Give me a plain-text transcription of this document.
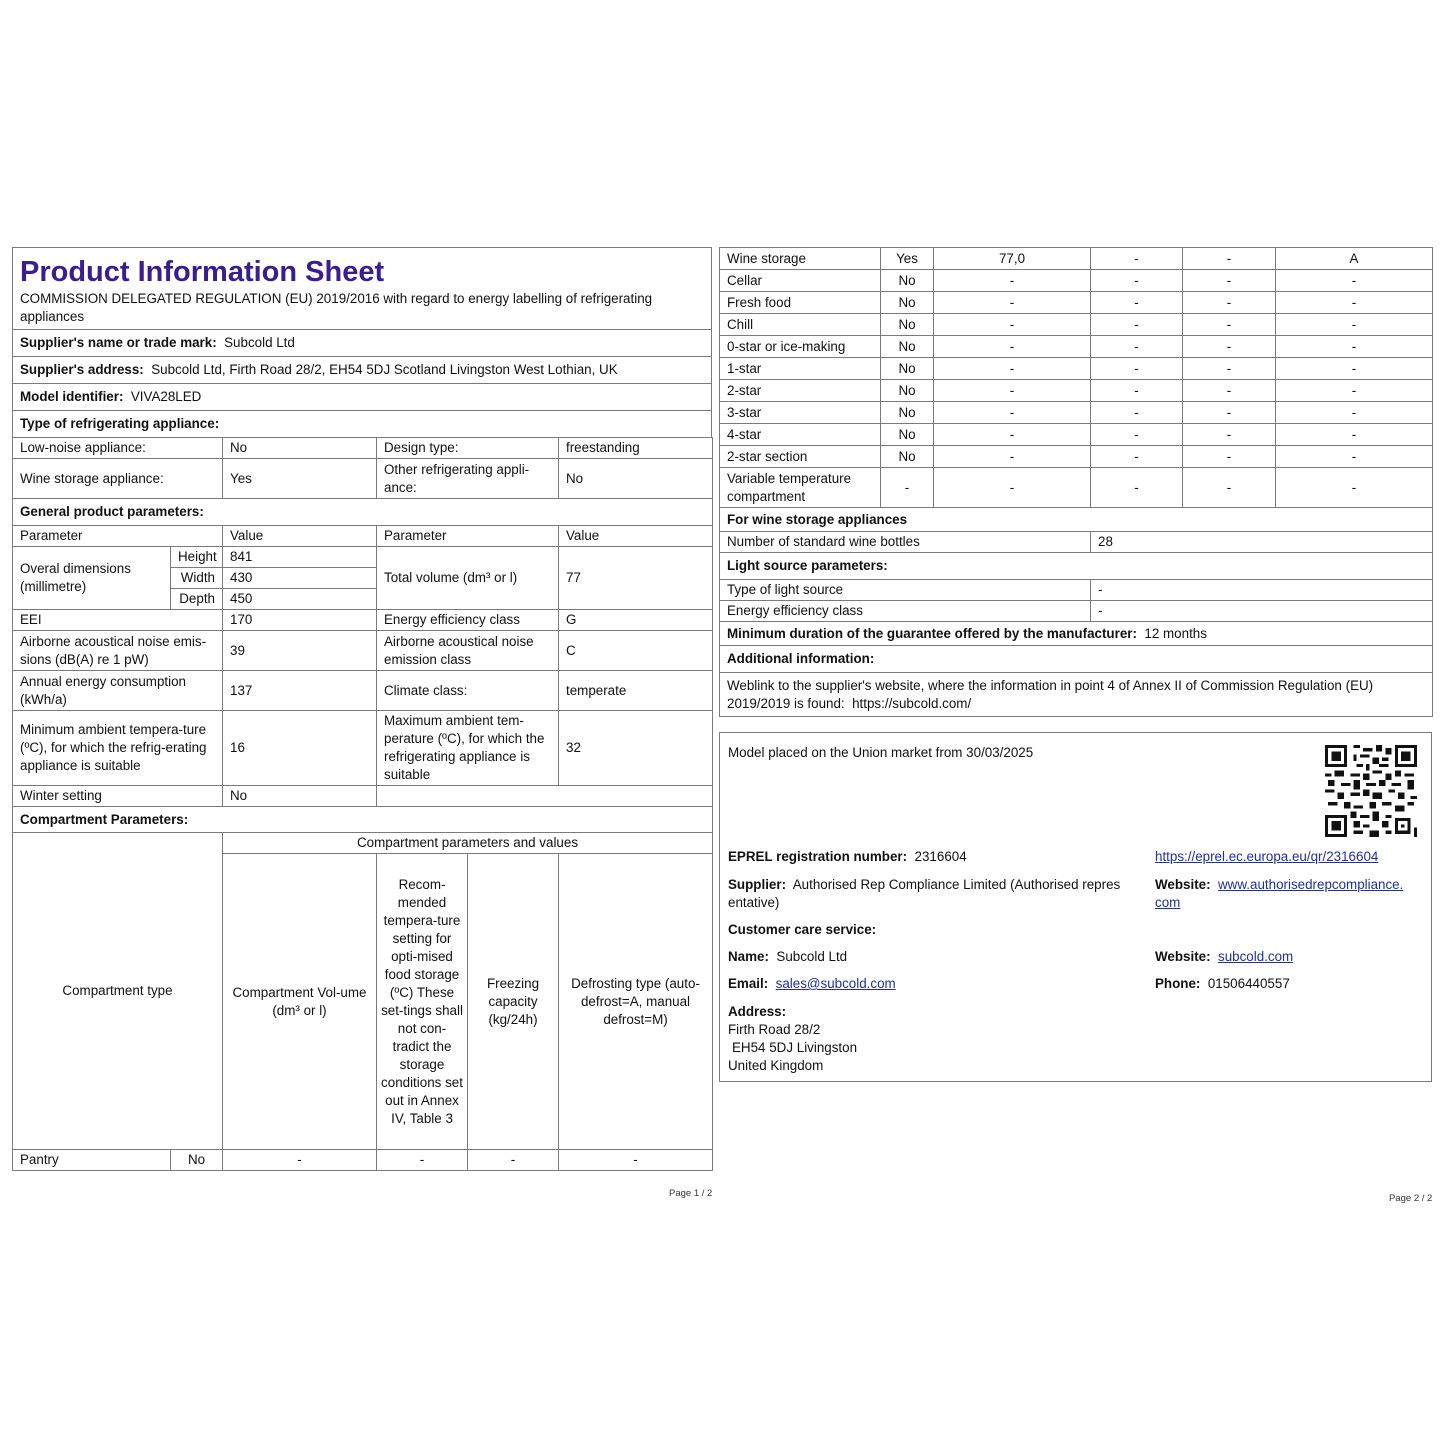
Product Information Sheet
COMMISSION DELEGATED REGULATION (EU) 2019/2016 with regard to energy labelling of refrigerating appliances

Supplier's name or trade mark: Subcold Ltd
Supplier's address: Subcold Ltd, Firth Road 28/2, EH54 5DJ Scotland Livingston West Lothian, UK
Model identifier: VIVA28LED
Type of refrigerating appliance:
Low-noise appliance:		No	Design type:	freestanding
Wine storage appliance:		Yes	Other refrigerating appli-ance:	No
General product parameters:				
Parameter		Value	Parameter	Value
Overal dimensions (millimetre)	Height	841	Total volume (dm³ or l)	77
	Width	430		
	Depth	450		
EEI		170	Energy efficiency class	G
Airborne acoustical noise emis-sions (dB(A) re 1 pW)		39	Airborne acoustical noise emission class	C
Annual energy consumption (kWh/a)		137	Climate class:	temperate
Minimum ambient tempera-ture (ºC), for which the refrig-erating appliance is suitable		16	Maximum ambient tem-perature (ºC), for which the refrigerating appliance is suitable	32
Winter setting		No		
Compartment Parameters:				
Compartment type		Compartment parameters and values			
		Compartment Vol-ume (dm³ or l)	Recom-mended tempera-ture setting for opti-mised food storage (ºC) These set-tings shall not con-tradict the storage conditions set out in Annex IV, Table 3	Freezing capacity (kg/24h)	Defrosting type (auto-defrost=A, manual defrost=M)
Pantry	No	-	-	-	-
Page 1 / 2
Wine storage	Yes	77,0	-	-	A
Cellar	No	-	-	-	-
Fresh food	No	-	-	-	-
Chill	No	-	-	-	-
0-star or ice-making	No	-	-	-	-
1-star	No	-	-	-	-
2-star	No	-	-	-	-
3-star	No	-	-	-	-
4-star	No	-	-	-	-
2-star section	No	-	-	-	-
Variable temperature compartment	-	-	-	-	-
For wine storage appliances	
Number of standard wine bottles	28
Light source parameters:	
Type of light source	-
Energy efficiency class	-
Minimum duration of the guarantee offered by the manufacturer: 12 months	
Additional information:	
Weblink to the supplier's website, where the information in point 4 of Annex II of Commission Regulation (EU) 2019/2019 is found: https://subcold.com/	
Model placed on the Union market from 30/03/2025
EPREL registration number: 2316604	https://eprel.ec.europa.eu/qr/2316604
Supplier: Authorised Rep Compliance Limited (Authorised repres entative)
Website: www.authorisedrepcompliance.
com
Customer care service:
Name: Subcold Ltd	Website: subcold.com
Email: sales@subcold.com	Phone: 01506440557
Address:
Firth Road 28/2
EH54 5DJ Livingston
United Kingdom
Page 2 / 2
